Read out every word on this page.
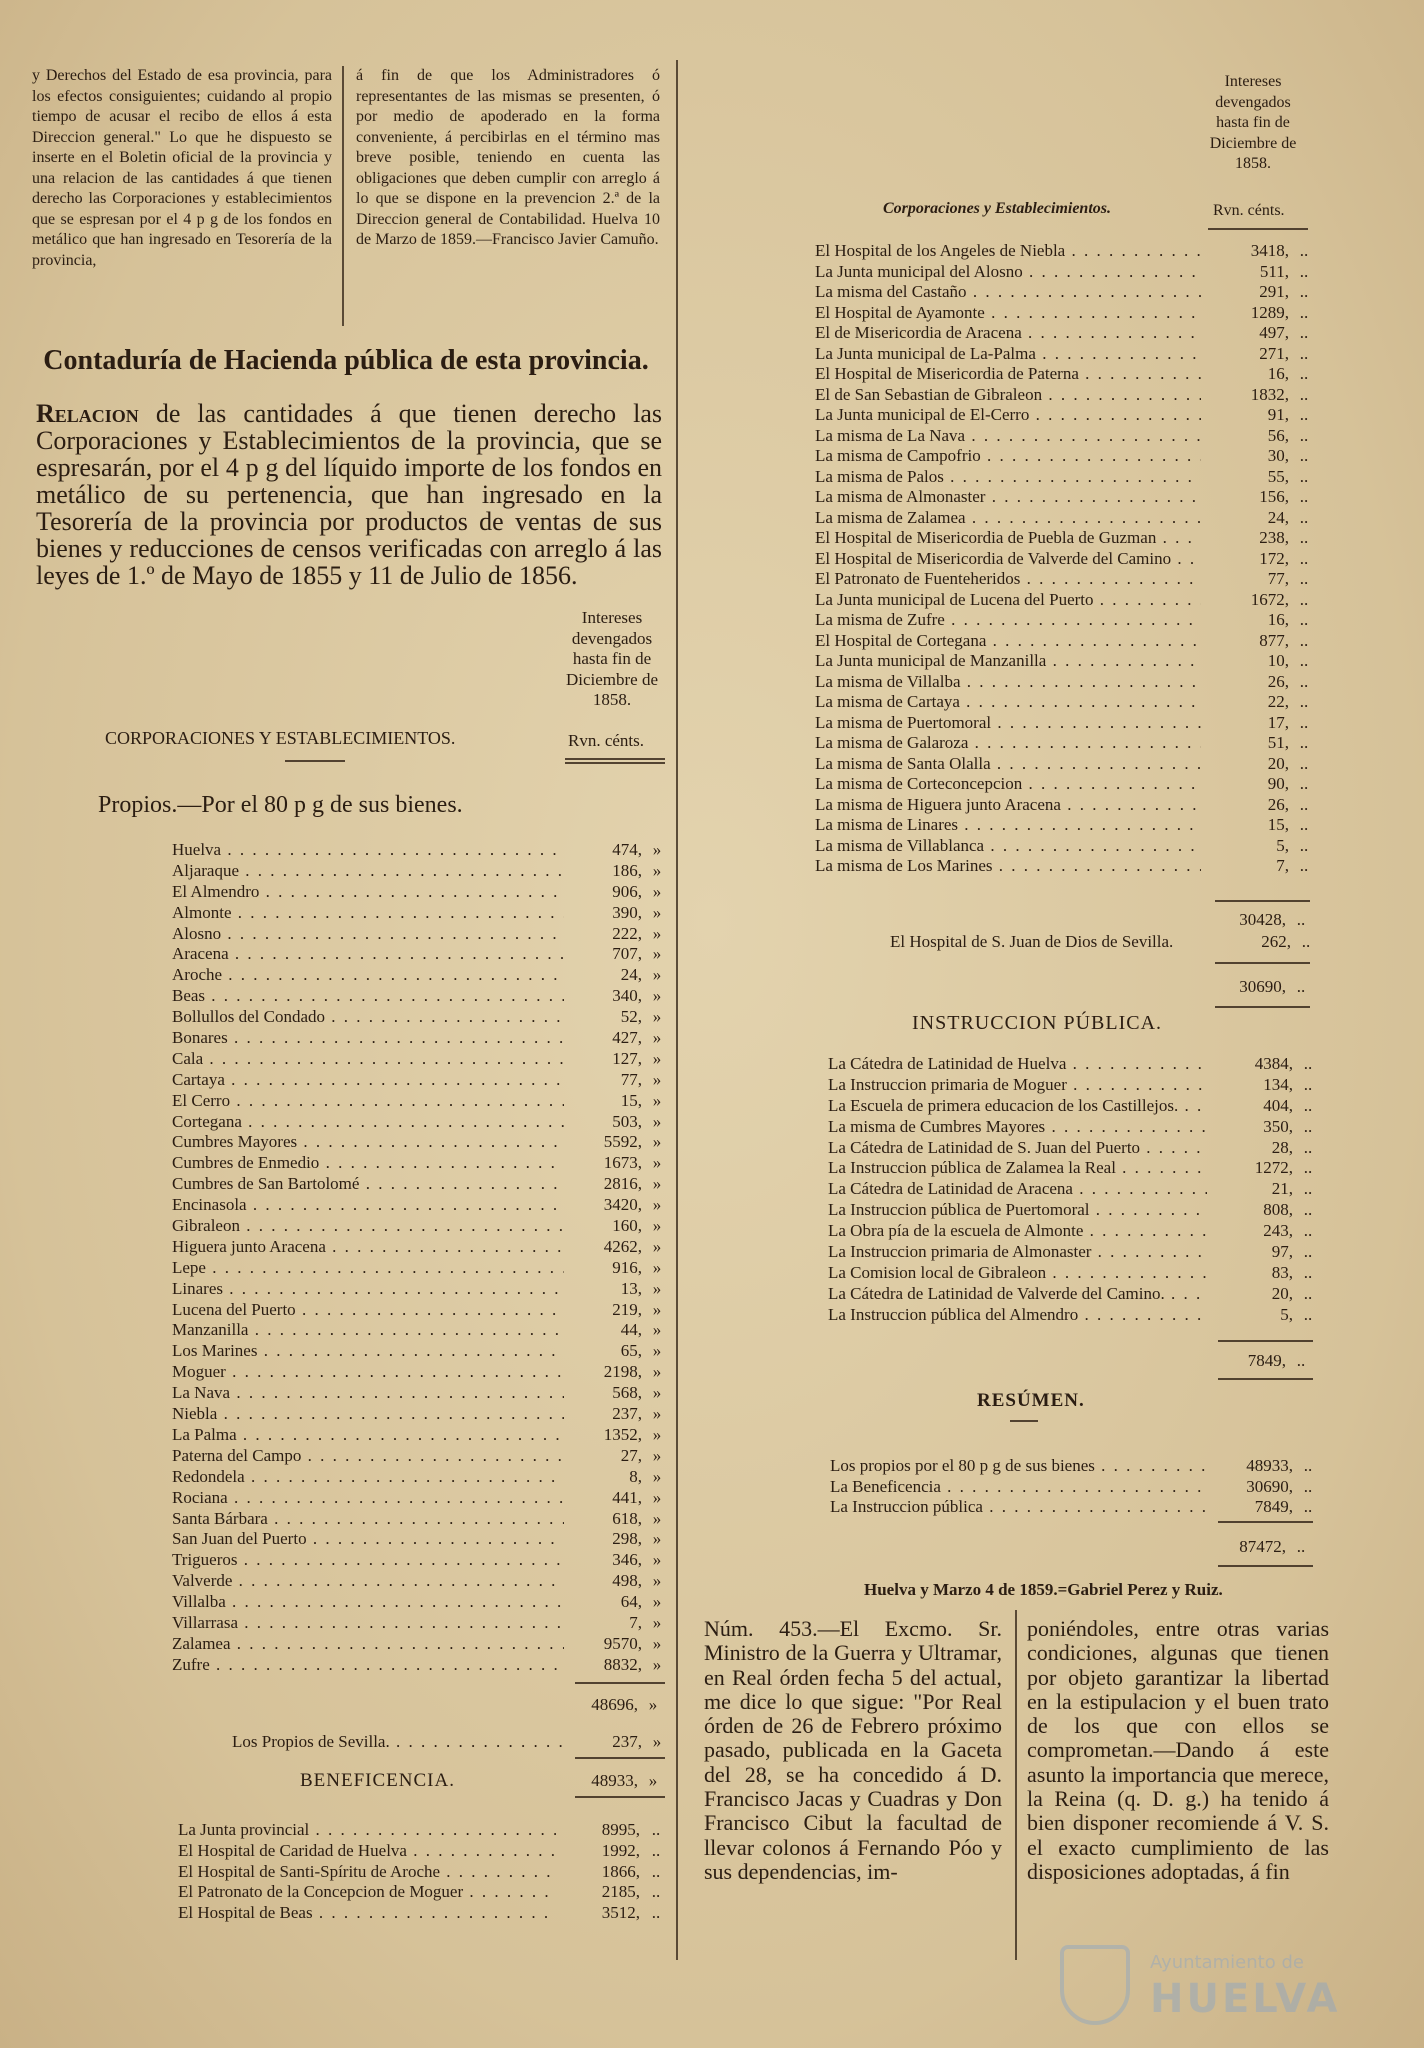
y Derechos del Estado de esa provincia, para los efectos consiguientes; cuidando al propio tiempo de acusar el recibo de ellos á esta Direccion general." Lo que he dispuesto se inserte en el Boletin oficial de la provincia y una relacion de las cantidades á que tienen derecho las Corporaciones y establecimientos que se espresan por el 4 p g de los fondos en metálico que han ingresado en Tesorería de la provincia,
á fin de que los Administradores ó representantes de las mismas se presenten, ó por medio de apoderado en la forma conveniente, á percibirlas en el término mas breve posible, teniendo en cuenta las obligaciones que deben cumplir con arreglo á lo que se dispone en la prevencion 2.ª de la Direccion general de Contabilidad. Huelva 10 de Marzo de 1859.—Francisco Javier Camuño.
Contaduría de Hacienda pública de esta provincia.
Relacion de las cantidades á que tienen derecho las Corporaciones y Establecimientos de la provincia, que se espresarán, por el 4 p g del líquido importe de los fondos en metálico de su pertenencia, que han ingresado en la Tesorería de la provincia por productos de ventas de sus bienes y reducciones de censos verificadas con arreglo á las leyes de 1.º de Mayo de 1855 y 11 de Julio de 1856.
Intereses devengados hasta fin de Diciembre de 1858.
CORPORACIONES Y ESTABLECIMIENTOS.	Rvn. cénts.
Propios.—Por el 80 p g de sus bienes.
Huelva . . .	474, »
Aljaraque . . .	186, »
El Almendro . . .	906, »
Almonte . . .	390, »
Alosno . . .	222, »
Aracena . . .	707, »
Aroche . . .	24, »
Beas . . .	340, »
Bollullos del Condado . . .	52, »
Bonares . . .	427, »
Cala . . .	127, »
Cartaya . . .	77, »
El Cerro . . .	15, »
Cortegana . . .	503, »
Cumbres Mayores . . .	5592, »
Cumbres de Enmedio . . .	1673, »
Cumbres de San Bartolomé . . .	2816, »
Encinasola . . .	3420, »
Gibraleon . . .	160, »
Higuera junto Aracena . . .	4262, »
Lepe . . .	916, »
Linares . . .	13, »
Lucena del Puerto . . .	219, »
Manzanilla . . .	44, »
Los Marines . . .	65, »
Moguer . . .	2198, »
La Nava . . .	568, »
Niebla . . .	237, »
La Palma . . .	1352, »
Paterna del Campo . . .	27, »
Redondela . . .	8, »
Rociana . . .	441, »
Santa Bárbara . . .	618, »
San Juan del Puerto . . .	298, »
Trigueros . . .	346, »
Valverde . . .	498, »
Villalba . . .	64, »
Villarrasa . . .	7, »
Zalamea . . .	9570, »
Zufre . . .	8832, »
48696, »
Los Propios de Sevilla. . . .	237, »
BENEFICENCIA.	48933, »
La Junta provincial . . .	8995, ..
El Hospital de Caridad de Huelva . . .	1992, ..
El Hospital de Santi-Spíritu de Aroche . . .	1866, ..
El Patronato de la Concepcion de Moguer . . .	2185, ..
El Hospital de Beas . . .	3512, ..
Intereses devengados hasta fin de Diciembre de 1858.
Corporaciones y Establecimientos.	Rvn. cénts.
El Hospital de los Angeles de Niebla . . .	3418, ..
La Junta municipal del Alosno . . .	511, ..
La misma del Castaño . . .	291, ..
El Hospital de Ayamonte . . .	1289, ..
El de Misericordia de Aracena . . .	497, ..
La Junta municipal de La-Palma . . .	271, ..
El Hospital de Misericordia de Paterna . . .	16, ..
El de San Sebastian de Gibraleon . . .	1832, ..
La Junta municipal de El-Cerro . . .	91, ..
La misma de La Nava . . .	56, ..
La misma de Campofrio . . .	30, ..
La misma de Palos . . .	55, ..
La misma de Almonaster . . .	156, ..
La misma de Zalamea . . .	24, ..
El Hospital de Misericordia de Puebla de Guzman . . .	238, ..
El Hospital de Misericordia de Valverde del Camino . . .	172, ..
El Patronato de Fuenteheridos . . .	77, ..
La Junta municipal de Lucena del Puerto . . .	1672, ..
La misma de Zufre . . .	16, ..
El Hospital de Cortegana . . .	877, ..
La Junta municipal de Manzanilla . . .	10, ..
La misma de Villalba . . .	26, ..
La misma de Cartaya . . .	22, ..
La misma de Puertomoral . . .	17, ..
La misma de Galaroza . . .	51, ..
La misma de Santa Olalla . . .	20, ..
La misma de Corteconcepcion . . .	90, ..
La misma de Higuera junto Aracena . . .	26, ..
La misma de Linares . . .	15, ..
La misma de Villablanca . . .	5, ..
La misma de Los Marines . . .	7, ..
30428, ..
El Hospital de S. Juan de Dios de Sevilla.	262, ..
30690, ..
INSTRUCCION PÚBLICA.
La Cátedra de Latinidad de Huelva . . .	4384, ..
La Instruccion primaria de Moguer . . .	134, ..
La Escuela de primera educacion de los Castillejos. . . .	404, ..
La misma de Cumbres Mayores . . .	350, ..
La Cátedra de Latinidad de S. Juan del Puerto . . .	28, ..
La Instruccion pública de Zalamea la Real . . .	1272, ..
La Cátedra de Latinidad de Aracena . . .	21, ..
La Instruccion pública de Puertomoral . . .	808, ..
La Obra pía de la escuela de Almonte . . .	243, ..
La Instruccion primaria de Almonaster . . .	97, ..
La Comision local de Gibraleon . . .	83, ..
La Cátedra de Latinidad de Valverde del Camino. . . .	20, ..
La Instruccion pública del Almendro . . .	5, ..
7849, ..
RESÚMEN.
Los propios por el 80 p g de sus bienes . . .	48933, ..
La Beneficencia . . .	30690, ..
La Instruccion pública . . .	7849, ..
87472, ..
Huelva y Marzo 4 de 1859.=Gabriel Perez y Ruiz.
Núm. 453.—El Excmo. Sr. Ministro de la Guerra y Ultramar, en Real órden fecha 5 del actual, me dice lo que sigue: "Por Real órden de 26 de Febrero próximo pasado, publicada en la Gaceta del 28, se ha concedido á D. Francisco Jacas y Cuadras y Don Francisco Cibut la facultad de llevar colonos á Fernando Póo y sus dependencias, im-
poniéndoles, entre otras varias condiciones, algunas que tienen por objeto garantizar la libertad en la estipulacion y el buen trato de los que con ellos se comprometan.—Dando á este asunto la importancia que merece, la Reina (q. D. g.) ha tenido á bien disponer recomiende á V. S. el exacto cumplimiento de las disposiciones adoptadas, á fin
Ayuntamiento de
HUELVA
